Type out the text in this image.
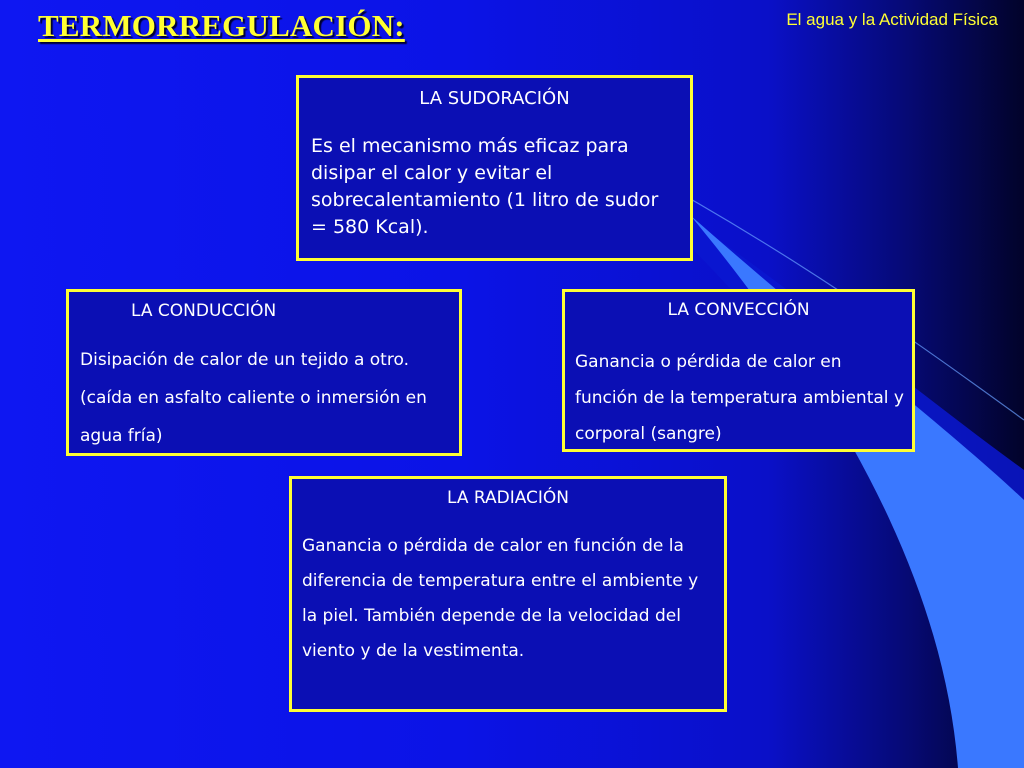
TERMORREGULACIÓN:	El agua y la Actividad Física
LA SUDORACIÓN
Es el mecanismo más eficaz para disipar el calor y evitar el sobrecalentamiento (1 litro de sudor = 580 Kcal).
LA CONDUCCIÓN
Disipación de calor de un tejido a otro. (caída en asfalto caliente o inmersión en agua fría)
LA CONVECCIÓN
Ganancia o pérdida de calor en función de la temperatura ambiental y corporal (sangre)
LA RADIACIÓN
Ganancia o pérdida de calor en función de la diferencia de temperatura entre el ambiente y la piel. También depende de la velocidad del viento y de la vestimenta.
